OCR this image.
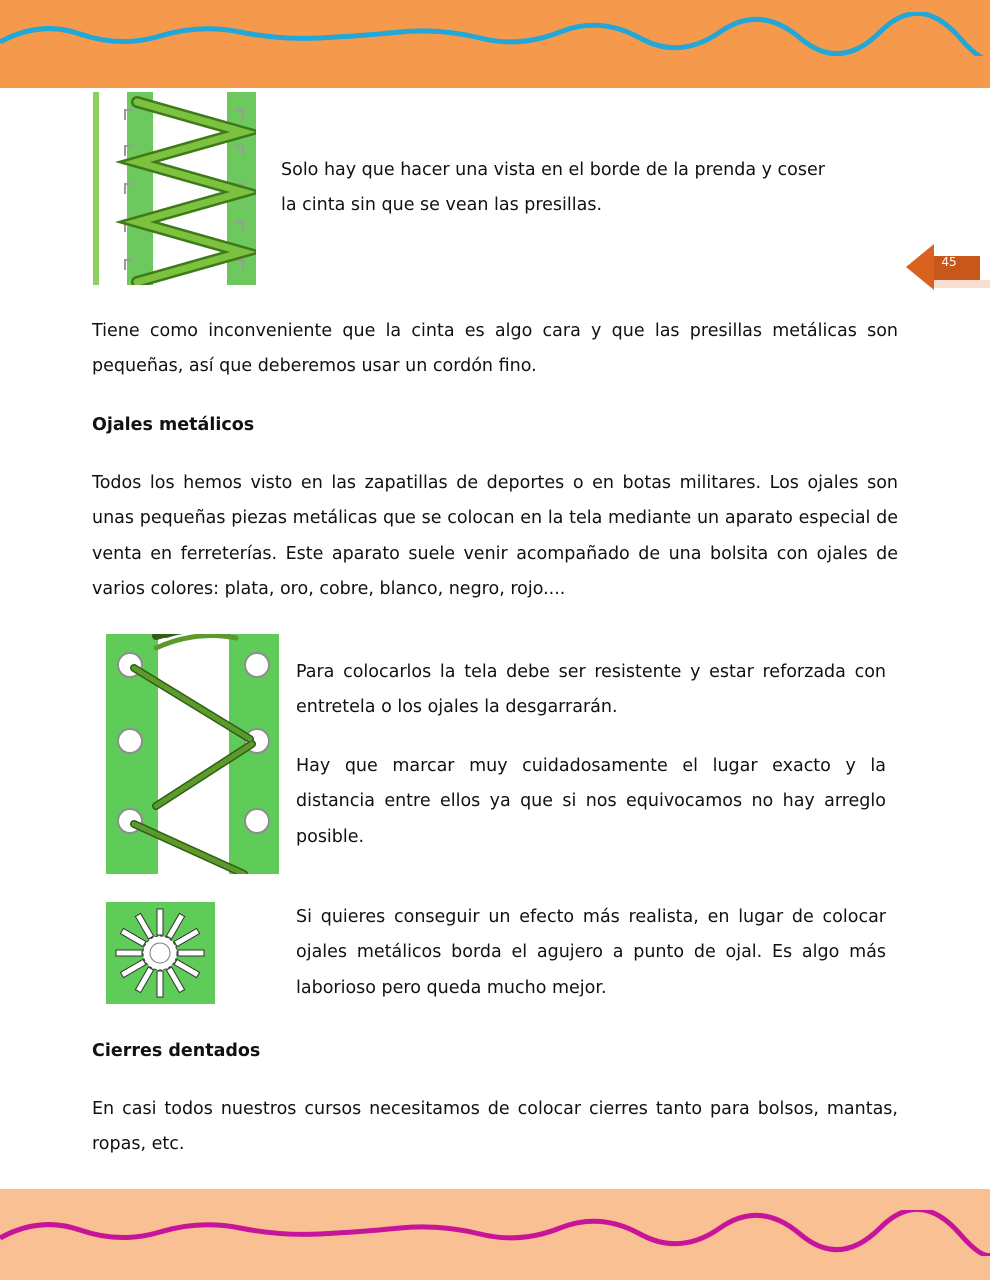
45

Solo hay que hacer una vista en el borde de la prenda y coser la cinta sin que se vean las presillas.

Tiene como inconveniente que la cinta es algo cara y que las presillas metálicas son pequeñas, así que deberemos usar un cordón fino.

Ojales metálicos

Todos los hemos visto en las zapatillas de deportes o en botas militares. Los ojales son unas pequeñas piezas metálicas que se colocan en la tela mediante un aparato especial de venta en ferreterías. Este aparato suele venir acompañado de una bolsita con ojales de varios colores: plata, oro, cobre, blanco, negro, rojo....

Para colocarlos la tela debe ser resistente y estar reforzada con entretela o los ojales la desgarrarán.

Hay que marcar muy cuidadosamente el lugar exacto y la distancia entre ellos ya que si nos equivocamos no hay arreglo posible.

Si quieres conseguir un efecto más realista, en lugar de colocar ojales metálicos borda el agujero a punto de ojal. Es algo más laborioso pero queda mucho mejor.

Cierres dentados

En casi todos nuestros cursos necesitamos de colocar cierres tanto para bolsos, mantas, ropas, etc.
